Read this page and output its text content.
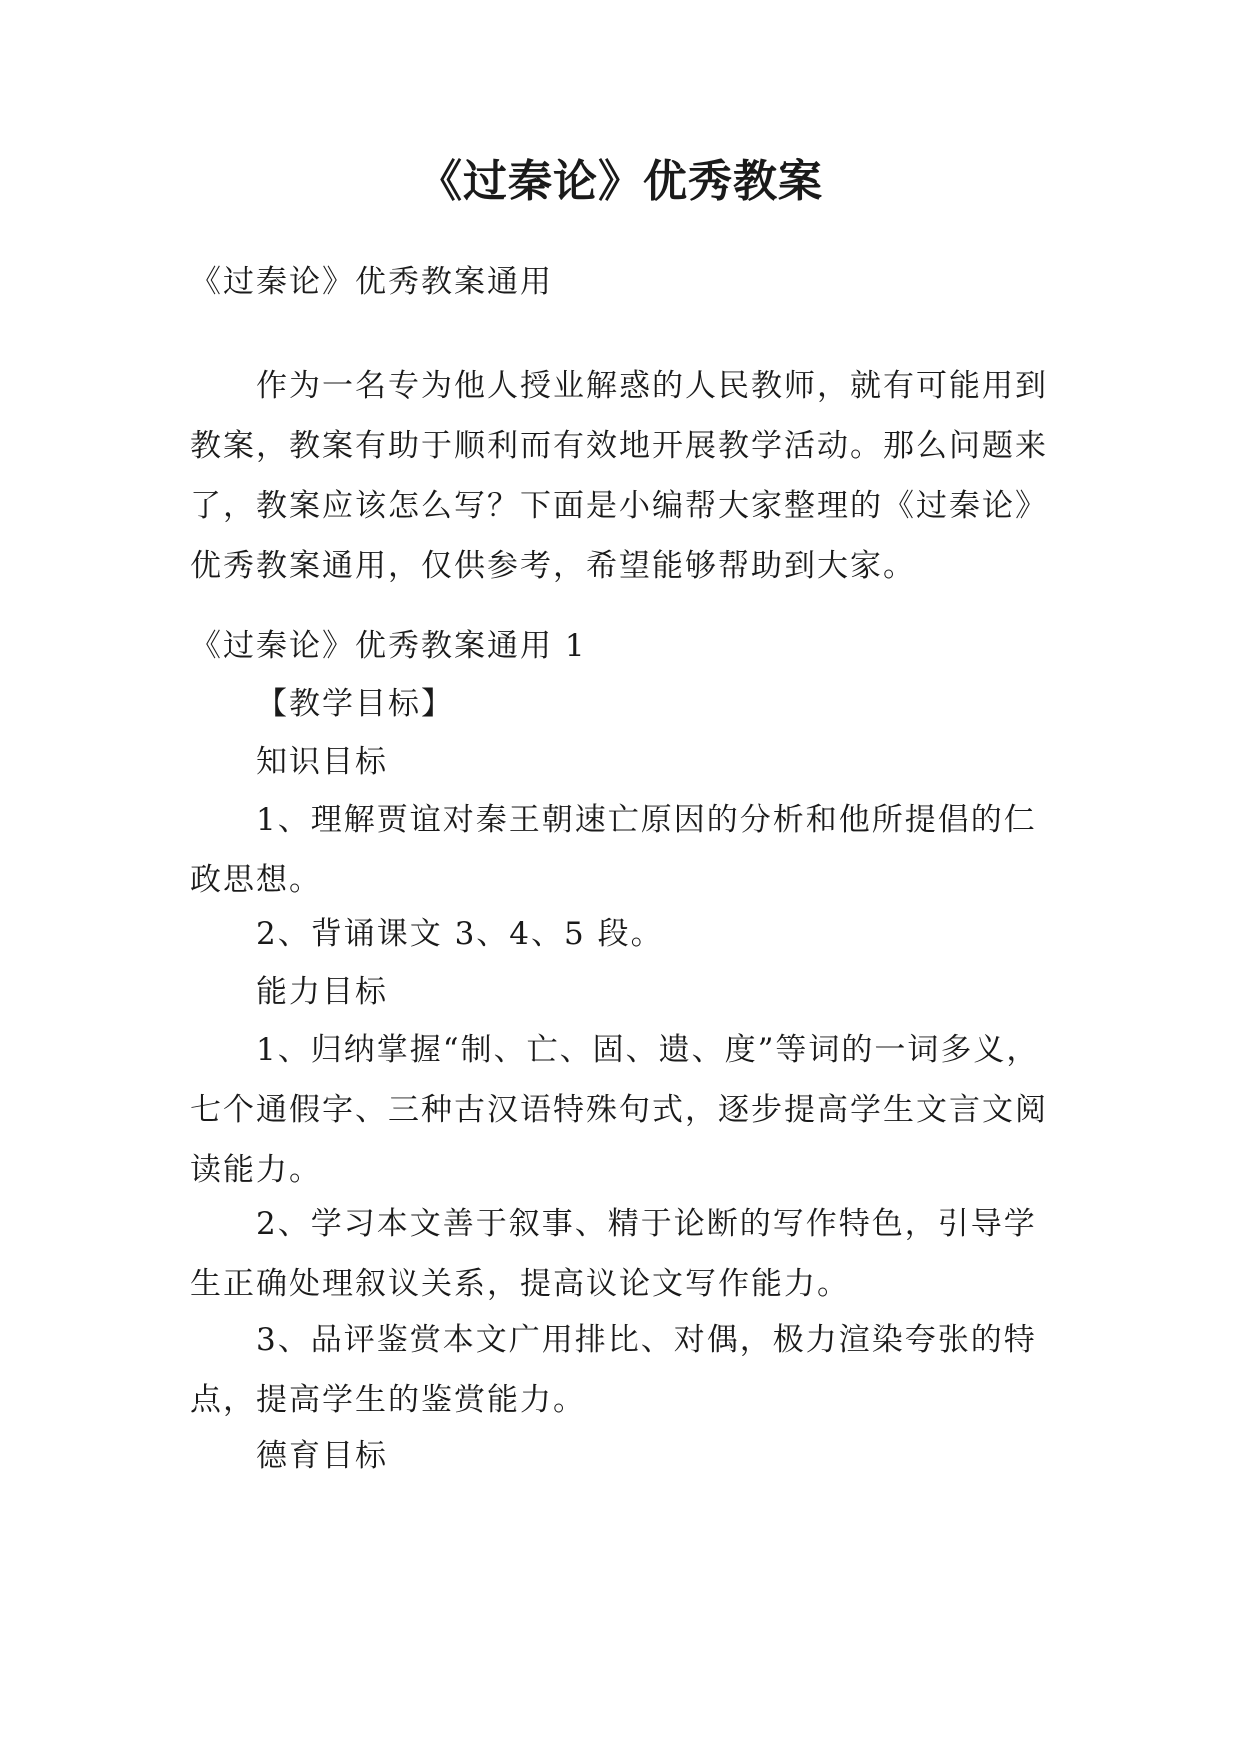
《过秦论》优秀教案

《过秦论》优秀教案通用

作为一名专为他人授业解惑的人民教师，就有可能用到教案，教案有助于顺利而有效地开展教学活动。那么问题来了，教案应该怎么写？下面是小编帮大家整理的《过秦论》优秀教案通用，仅供参考，希望能够帮助到大家。

《过秦论》优秀教案通用 1

【教学目标】

知识目标

1、理解贾谊对秦王朝速亡原因的分析和他所提倡的仁政思想。

2、背诵课文 3、4、5 段。

能力目标

1、归纳掌握“制、亡、固、遗、度”等词的一词多义，七个通假字、三种古汉语特殊句式，逐步提高学生文言文阅读能力。

2、学习本文善于叙事、精于论断的写作特色，引导学生正确处理叙议关系，提高议论文写作能力。

3、品评鉴赏本文广用排比、对偶，极力渲染夸张的特点，提高学生的鉴赏能力。

德育目标
